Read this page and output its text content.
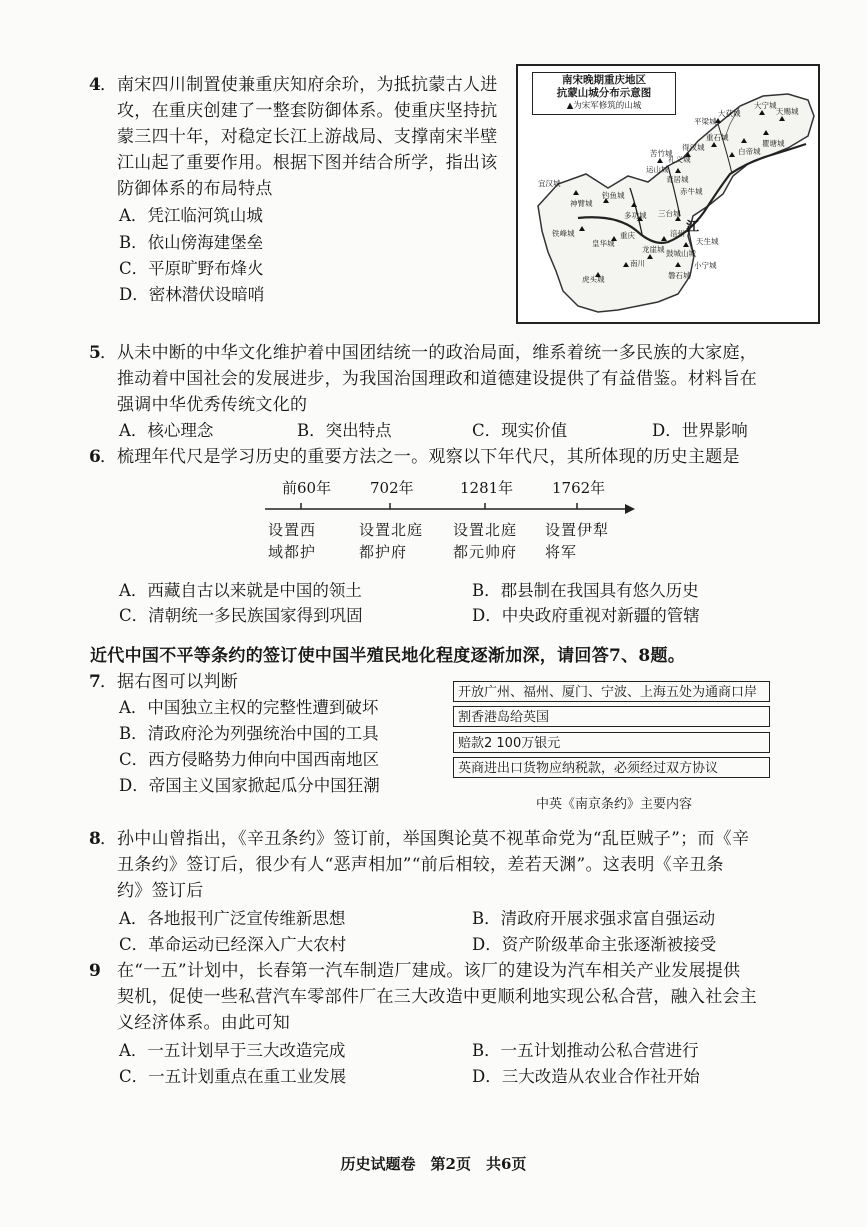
4
． 南宋四川制置使兼重庆知府余玠，为抵抗蒙古人进
攻，在重庆创建了一整套防御体系。使重庆坚持抗
蒙三四十年，对稳定长江上游战局、支撑南宋半壁
江山起了重要作用。根据下图并结合所学，指出该
防御体系的布局特点
A．凭江临河筑山城
B．依山傍海建堡垒
C．平原旷野布烽火
D．密林潜伏设暗哨
南宋晚期重庆地区
抗蒙山城分布示意图
▲为宋军修筑的山城
江
宜汉城
大宁城
天赐城
重石城
白帝城
瞿塘城
平梁城
大获城
得汉城
礼义城
苦竹城
运山城
青居城
赤牛城
神臂城
钓鱼城
多功城
重庆
铁峰城
皇华城
龙崖城
南川
三台城
涪州
天生城
鼓城山城
小宁城
虎头城	磐石城
5
． 从未中断的中华文化维护着中国团结统一的政治局面，维系着统一多民族的大家庭，
推动着中国社会的发展进步，为我国治国理政和道德建设提供了有益借鉴。材料旨在
强调中华优秀传统文化的
A．核心理念	B．突出特点	C．现实价值	D．世界影响
6
． 梳理年代尺是学习历史的重要方法之一。观察以下年代尺，其所体现的历史主题是
前60年	702年	1281年	1762年
设置西
域都护
设置北庭
都护府
设置北庭
都元帅府
设置伊犁
将军
A．西藏自古以来就是中国的领土	B．郡县制在我国具有悠久历史
C．清朝统一多民族国家得到巩固	D．中央政府重视对新疆的管辖
近代中国不平等条约的签订使中国半殖民地化程度逐渐加深，请回答7、8题。
7
． 据右图可以判断
A．中国独立主权的完整性遭到破坏
B．清政府沦为列强统治中国的工具
C．西方侵略势力伸向中国西南地区
D．帝国主义国家掀起瓜分中国狂潮
开放广州、福州、厦门、宁波、上海五处为通商口岸
割香港岛给英国
赔款2 100万银元
英商进出口货物应纳税款，必须经过双方协议
中英《南京条约》主要内容
8
． 孙中山曾指出，《辛丑条约》签订前，举国舆论莫不视革命党为“乱臣贼子”；而《辛
丑条约》签订后，很少有人“恶声相加”“前后相较，差若天渊”。这表明《辛丑条
约》签订后
A．各地报刊广泛宣传维新思想	B．清政府开展求强求富自强运动
C．革命运动已经深入广大农村	D．资产阶级革命主张逐渐被接受
9 在“一五”计划中，长春第一汽车制造厂建成。该厂的建设为汽车相关产业发展提供
契机，促使一些私营汽车零部件厂在三大改造中更顺利地实现公私合营，融入社会主
义经济体系。由此可知
A．一五计划早于三大改造完成	B．一五计划推动公私合营进行
C．一五计划重点在重工业发展	D．三大改造从农业合作社开始
历史试题卷　第2页　共6页
